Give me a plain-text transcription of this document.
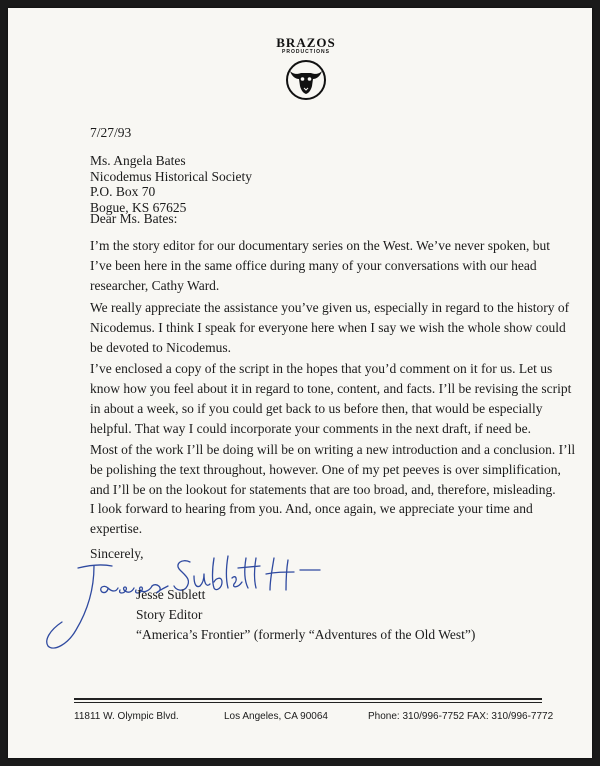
BRAZOS
PRODUCTIONS
7/27/93
Ms. Angela Bates
Nicodemus Historical Society
P.O. Box 70
Bogue, KS 67625
Dear Ms. Bates:
I’m the story editor for our documentary series on the West. We’ve never spoken, but
I’ve been here in the same office during many of your conversations with our head
researcher, Cathy Ward.
We really appreciate the assistance you’ve given us, especially in regard to the history of
Nicodemus. I think I speak for everyone here when I say we wish the whole show could
be devoted to Nicodemus.
I’ve enclosed a copy of the script in the hopes that you’d comment on it for us. Let us
know how you feel about it in regard to tone, content, and facts. I’ll be revising the script
in about a week, so if you could get back to us before then, that would be especially
helpful. That way I could incorporate your comments in the next draft, if need be.
Most of the work I’ll be doing will be on writing a new introduction and a conclusion. I’ll
be polishing the text throughout, however. One of my pet peeves is over simplification,
and I’ll be on the lookout for statements that are too broad, and, therefore, misleading.
I look forward to hearing from you. And, once again, we appreciate your time and
expertise.
Sincerely,
Jesse Sublett
Story Editor
“America’s Frontier” (formerly “Adventures of the Old West”)
11811 W. Olympic Blvd.	Los Angeles, CA 90064	Phone: 310/996-7752 FAX: 310/996-7772
